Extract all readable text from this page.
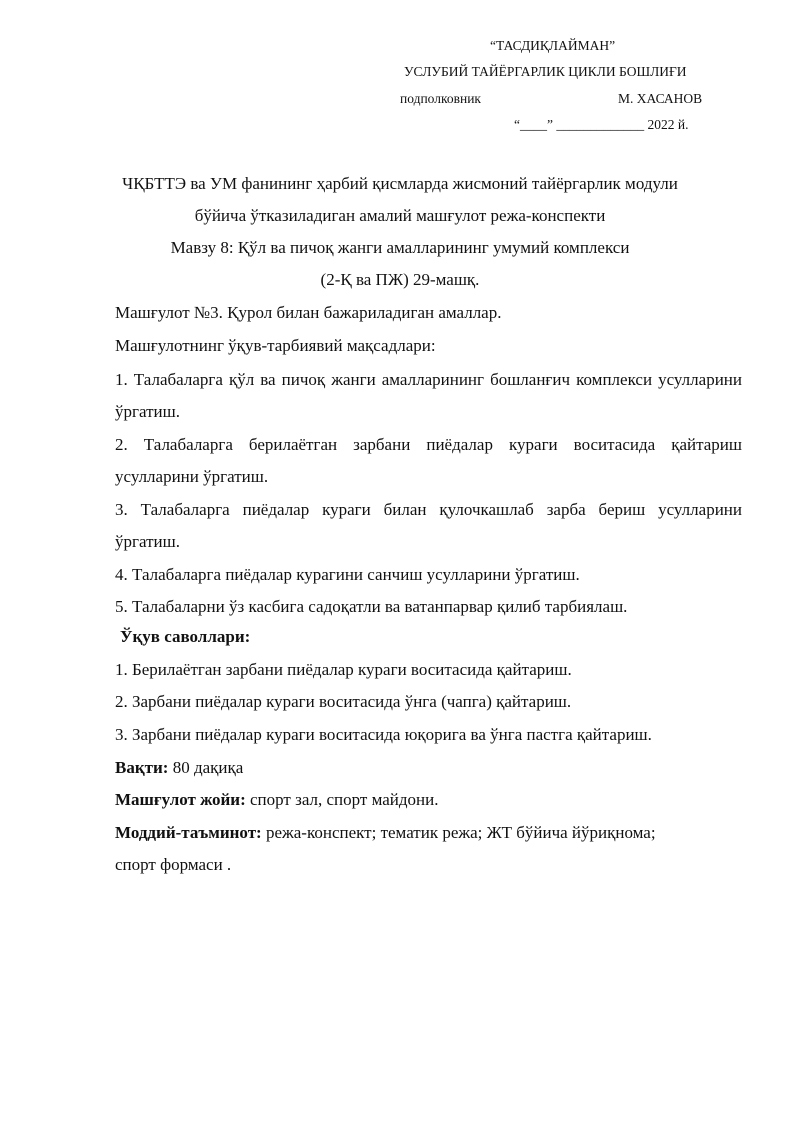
“ТАСДИҚЛАЙМАН”
УСЛУБИЙ ТАЙЁРГАРЛИК ЦИКЛИ БОШЛИҒИ
подполковник	М. ХАСАНОВ
“____” _____________ 2022 й.
ЧҚБТТЭ ва УМ фанининг ҳарбий қисмларда жисмоний тайёргарлик модули
бўйича ўтказиладиган амалий машғулот режа-конспекти
Мавзу 8: Қўл ва пичоқ жанги амалларининг умумий комплекси
(2-Қ ва ПЖ) 29-машқ.
Машғулот №3. Қурол билан бажариладиган амаллар.
Машғулотнинг ўқув-тарбиявий мақсадлари:
1. Талабаларга қўл ва пичоқ жанги амалларининг бошланғич комплекси усулларини ўргатиш.
2. Талабаларга берилаётган зарбани пиёдалар кураги воситасида қайтариш усулларини ўргатиш.
3. Талабаларга пиёдалар кураги билан қулочкашлаб зарба бериш усулларини ўргатиш.
4. Талабаларга пиёдалар курагини санчиш усулларини ўргатиш.
5. Талабаларни ўз касбига садоқатли ва ватанпарвар қилиб тарбиялаш.
Ўқув саволлари:
1. Берилаётган зарбани пиёдалар кураги воситасида қайтариш.
2. Зарбани пиёдалар кураги воситасида ўнга (чапга) қайтариш.
3. Зарбани пиёдалар кураги воситасида юқорига ва ўнга пастга қайтариш.
Вақти: 80 дақиқа
Машғулот жойи: спорт зал, спорт майдони.
Моддий-таъминот: режа-конспект; тематик режа; ЖТ бўйича йўриқнома;
спорт формаси .
